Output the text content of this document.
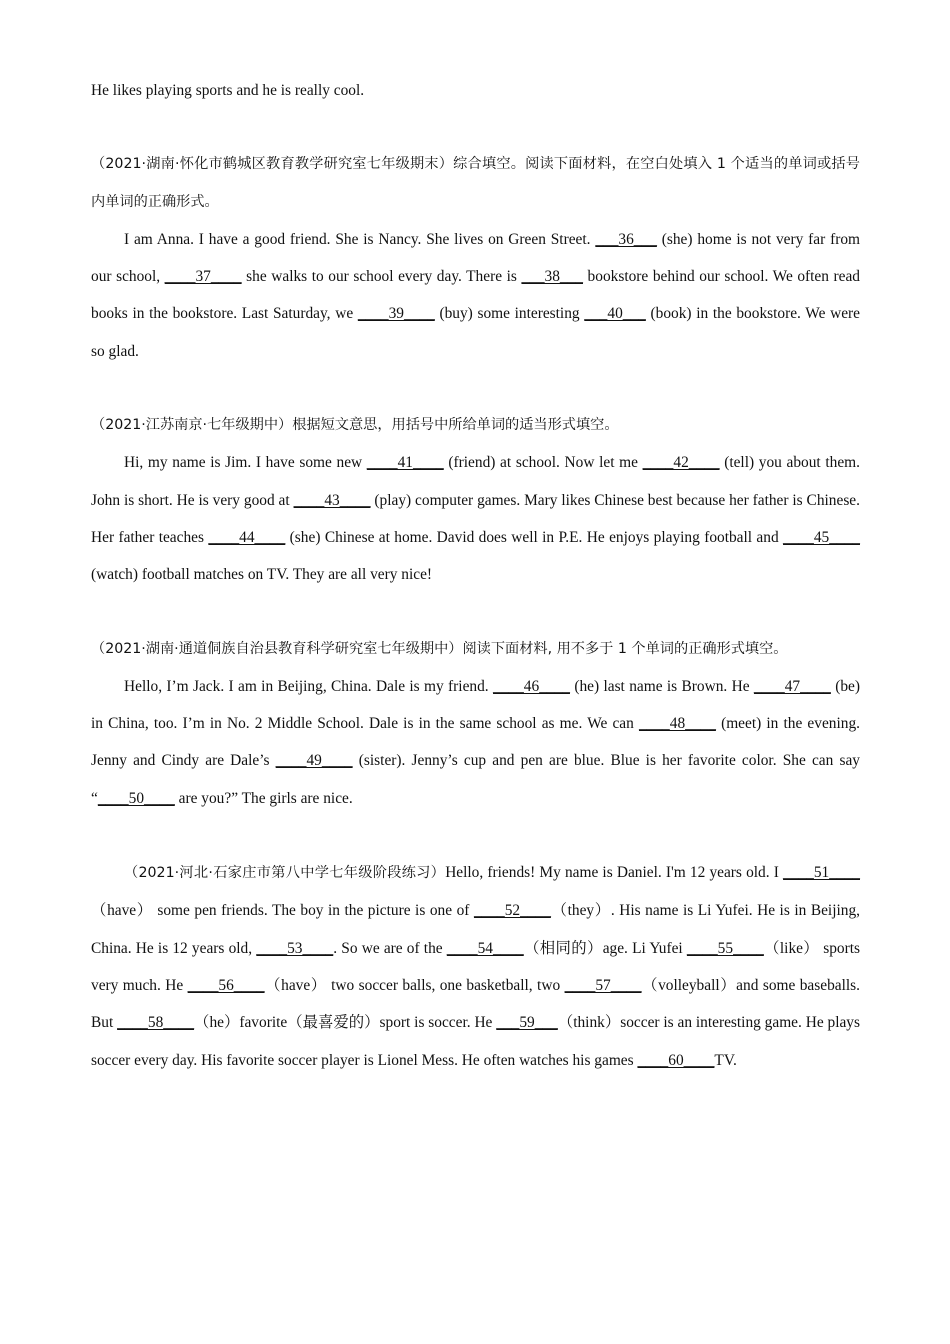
He likes playing sports and he is really cool.

（2021·湖南·怀化市鹤城区教育教学研究室七年级期末）综合填空。阅读下面材料，在空白处填入 1 个适当的单词或括号内单词的正确形式。

I am Anna. I have a good friend. She is Nancy. She lives on Green Street. ___36___ (she) home is not very far from our school, ____37____ she walks to our school every day. There is ___38___ bookstore behind our school. We often read books in the bookstore. Last Saturday, we ____39____ (buy) some interesting ___40___ (book) in the bookstore. We were so glad.

（2021·江苏南京·七年级期中）根据短文意思，用括号中所给单词的适当形式填空。

Hi, my name is Jim. I have some new ____41____ (friend) at school. Now let me ____42____ (tell) you about them. John is short. He is very good at ____43____ (play) computer games. Mary likes Chinese best because her father is Chinese. Her father teaches ____44____ (she) Chinese at home. David does well in P.E. He enjoys playing football and ____45____ (watch) football matches on TV. They are all very nice!

（2021·湖南·通道侗族自治县教育科学研究室七年级期中）阅读下面材料, 用不多于 1 个单词的正确形式填空。

Hello, I’m Jack. I am in Beijing, China. Dale is my friend. ____46____ (he) last name is Brown. He ____47____ (be) in China, too. I’m in No. 2 Middle School. Dale is in the same school as me. We can ____48____ (meet) in the evening. Jenny and Cindy are Dale’s ____49____ (sister). Jenny’s cup and pen are blue. Blue is her favorite color. She can say “____50____ are you?” The girls are nice.

（2021·河北·石家庄市第八中学七年级阶段练习）Hello, friends! My name is Daniel. I'm 12 years old. I ____51____（have） some pen friends. The boy in the picture is one of ____52____（they）. His name is Li Yufei. He is in Beijing, China. He is 12 years old, ____53____. So we are of the ____54____（相同的）age. Li Yufei ____55____（like） sports very much. He ____56____（have） two soccer balls, one basketball, two ____57____（volleyball）and some baseballs. But ____58____（he）favorite（最喜爱的）sport is soccer. He ___59___（think）soccer is an interesting game. He plays soccer every day. His favorite soccer player is Lionel Mess. He often watches his games ____60____TV.
